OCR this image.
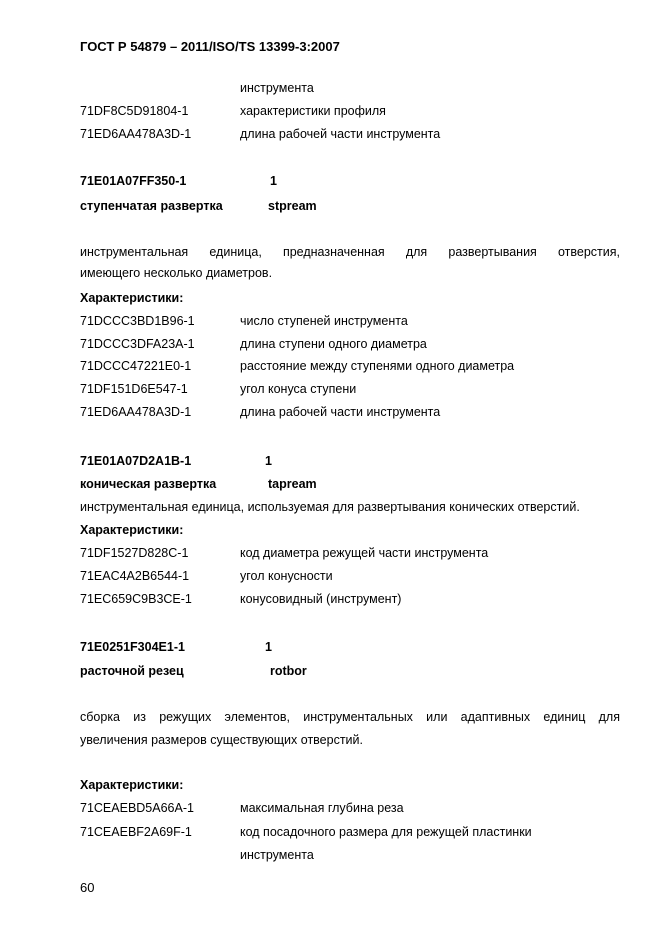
ГОСТ Р 54879 – 2011/ISO/TS 13399-3:2007
инструмента
71DF8C5D91804-1	характеристики профиля
71ED6AA478A3D-1	длина рабочей части инструмента
71E01A07FF350-1	1
ступенчатая развертка	stpream
инструментальная единица, предназначенная для развертывания отверстия,
имеющего несколько диаметров.
Характеристики:
71DCCC3BD1B96-1	число ступеней инструмента
71DCCC3DFA23A-1	длина ступени одного диаметра
71DCCC47221E0-1	расстояние между ступенями одного диаметра
71DF151D6E547-1	угол конуса ступени
71ED6AA478A3D-1	длина рабочей части инструмента
71E01A07D2A1B-1	1
коническая развертка	tapream
инструментальная единица, используемая для развертывания конических отверстий.
Характеристики:
71DF1527D828C-1	код диаметра режущей части инструмента
71EAC4A2B6544-1	угол конусности
71EC659C9B3CE-1	конусовидный (инструмент)
71E0251F304E1-1	1
расточной резец	rotbor
сборка из режущих элементов, инструментальных или адаптивных единиц для
увеличения размеров существующих отверстий.
Характеристики:
71CEAEBD5A66A-1	максимальная глубина реза
71CEAEBF2A69F-1	код посадочного размера для режущей пластинки
инструмента
60
